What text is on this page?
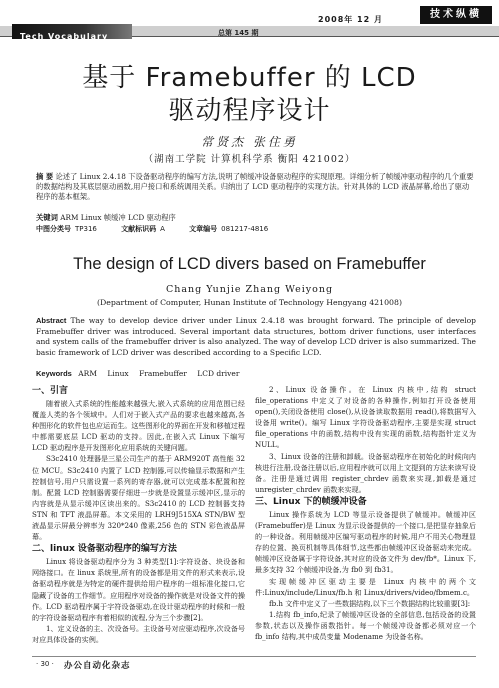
2008年 12 月	技术纵横
Tech Vocabulary	总第 145 期
基于 Framebuffer 的 LCD
驱动程序设计
常贤杰 张住勇
（湖南工学院 计算机科学系 衡阳 421002）
摘 要 论述了 Linux 2.4.18 下设备驱动程序的编写方法,说明了帧缓冲设备驱动程序的实现原理。详细分析了帧缓冲驱动程序的几个重要的数据结构及其底层驱动函数,用户接口和系统调用关系。归纳出了 LCD 驱动程序的实现方法。针对具体的 LCD 液晶屏幕,给出了驱动程序的基本框架。
关键词 ARM Linux 帧缓冲 LCD 驱动程序
中图分类号 TP316	文献标识码 A	文章编号 081217-4816
The design of LCD divers based on Framebuffer
Chang Yunjie Zhang Weiyong
(Department of Computer, Hunan Institute of Technology Hengyang 421008)
Abstract The way to develop device driver under Linux 2.4.18 was brought forward. The principle of develop Framebuffer driver was introduced. Several important data structures, bottom driver functions, user interfaces and system calls of the framebuffer driver is also analyzed. The way of develop LCD driver is also summarized. The basic framework of LCD driver was described according to a Specific LCD.
Keywords ARM Linux Framebuffer LCD driver
一、引言

随着嵌入式系统的性能越来越强大,嵌入式系统的应用范围已经覆盖人类的各个领域中。人们对于嵌入式产品的要求也越来越高,各种图形化的软件包也应运而生。这些图形化的界面在开发和移植过程中都需要底层 LCD 驱动的支持。因此,在嵌入式 Linux 下编写 LCD 驱动程序是开发图形化应用系统的关键问题。

S3c2410 处理器是三星公司生产的基于 ARM920T 高性能 32 位 MCU。S3c2410 内置了 LCD 控制器,可以传输显示数据和产生控制信号,用户只需设置一系列的寄存器,就可以完成基本配置和控制。配置 LCD 控制器需要仔细进一步就是设置显示缓冲区,显示的内容就是从显示缓冲区读出来的。S3c2410 的 LCD 控制器支持 STN 和 TFT 液晶屏幕。本文采用的 LRH9J515XA STN/BW 型液晶显示屏最分辨率为 320*240 像素,256 色的 STN 彩色液晶屏幕。

二、linux 设备驱动程序的编写方法

Linux 将设备驱动程序分为 3 种类型[1]:字符设备、块设备和网络接口。在 linux 系统里,所有的设备都是用文件的形式来表示,设备驱动程序就是为特定的硬件提供给用户程序的一组标准化接口,它隐藏了设备的工作细节。应用程序对设备的操作就是对设备文件的操作。LCD 驱动程序属于字符设备驱动,在设计驱动程序的时候和一般的字符设备驱动程序有着相似的流程,分为三个步骤[2]。

1、定义设备的主、次设备号。主设备号对应驱动程序,次设备号对应具体设备的实例。

2、Linux 设备操作。在 Linux 内核中,结构 struct file_operations 中定义了对设备的各种操作,例如打开设备使用 open(),关闭设备使用 close(),从设备读取数据用 read(),将数据写入设备用 write()。编写 Linux 字符设备驱动程序,主要是实现 struct file_operations 中的函数,结构中没有实现的函数,结构指针定义为 NULL。

3、Linux 设备的注册和卸载。设备驱动程序在初始化的时候向内核进行注册,设备注册以后,应用程序就可以用上文提到的方法来读写设备。注册是通过调用 register_chrdev 函数来实现,卸载是通过 unregister_chrdev 函数来实现。

三、Linux 下的帧缓冲设备

Linux 操作系统为 LCD 等显示设备提供了帧缓冲。帧缓冲区(Framebuffer)是 Linux 为显示设备提供的一个接口,是把显存抽象后的一种设备。利用帧缓冲区编写驱动程序的时候,用户不用关心物理显存的位置、换页机制等具体细节,这些都由帧缓冲区设备驱动来完成。帧缓冲区设备属于字符设备,其对应的设备文件为 dev/fb*。Linux 下,最多支持 32 个帧缓冲设备,为 fb0 到 fb31。

实现帧缓冲区驱动主要是 Linux 内核中的两个文件:Linux/include/Linux/fb.h 和 Linux/drivers/video/fbmem.c。

fb.h 文件中定义了一些数据结构,以下三个数据结构比较重要[3]:

1.结构 fb_info,纪录了帧缓冲区设备的全部信息,包括设备的设置参数,状态以及操作函数指针。每一个帧缓冲设备都必须对应一个 fb_info 结构,其中成员变量 Modename 为设备名称。

· 30 · 办公自动化杂志
